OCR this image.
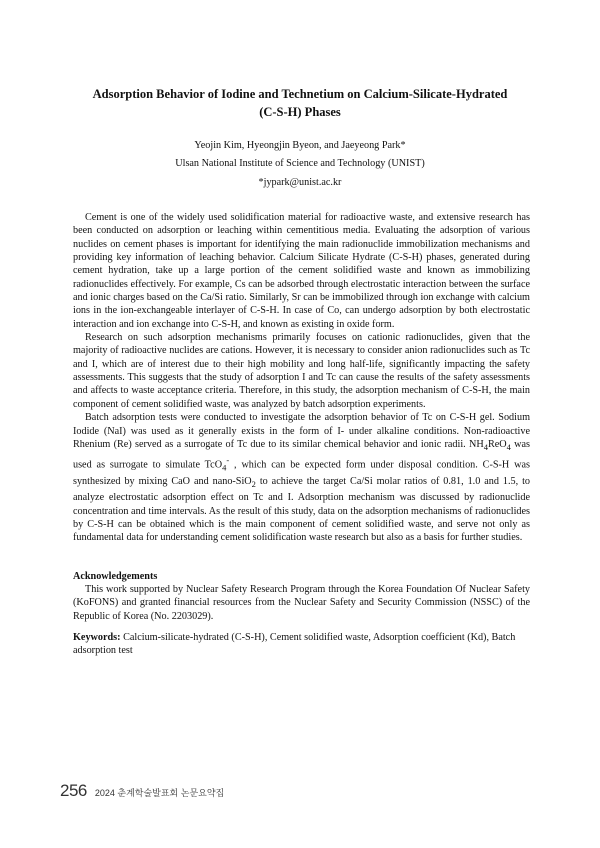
Adsorption Behavior of Iodine and Technetium on Calcium-Silicate-Hydrated
(C-S-H) Phases
Yeojin Kim, Hyeongjin Byeon, and Jaeyeong Park*
Ulsan National Institute of Science and Technology (UNIST)
*jypark@unist.ac.kr

Cement is one of the widely used solidification material for radioactive waste, and extensive research has been conducted on adsorption or leaching within cementitious media. Evaluating the adsorption of various nuclides on cement phases is important for identifying the main radionuclide immobilization mechanisms and providing key information of leaching behavior. Calcium Silicate Hydrate (C-S-H) phases, generated during cement hydration, take up a large portion of the cement solidified waste and known as immobilizing radionuclides effectively. For example, Cs can be adsorbed through electrostatic interaction between the surface and ionic charges based on the Ca/Si ratio. Similarly, Sr can be immobilized through ion exchange with calcium ions in the ion-exchangeable interlayer of C-S-H. In case of Co, can undergo adsorption by both electrostatic interaction and ion exchange into C-S-H, and known as existing in oxide form.

Research on such adsorption mechanisms primarily focuses on cationic radionuclides, given that the majority of radioactive nuclides are cations. However, it is necessary to consider anion radionuclides such as Tc and I, which are of interest due to their high mobility and long half-life, significantly impacting the safety assessments. This suggests that the study of adsorption I and Tc can cause the results of the safety assessments and affects to waste acceptance criteria. Therefore, in this study, the adsorption mechanism of C-S-H, the main component of cement solidified waste, was analyzed by batch adsorption experiments.

Batch adsorption tests were conducted to investigate the adsorption behavior of Tc on C-S-H gel. Sodium Iodide (NaI) was used as it generally exists in the form of I- under alkaline conditions. Non-radioactive Rhenium (Re) served as a surrogate of Tc due to its similar chemical behavior and ionic radii. $NH_4ReO_4$ was used as surrogate to simulate TcO$_4$- , which can be expected form under disposal condition. C-S-H was synthesized by mixing CaO and nano-SiO$_2$ to achieve the target Ca/Si molar ratios of 0.81, 1.0 and 1.5, to analyze electrostatic adsorption effect on Tc and I. Adsorption mechanism was discussed by radionuclide concentration and time intervals. As the result of this study, data on the adsorption mechanisms of radionuclides by C-S-H can be obtained which is the main component of cement solidified waste, and serve not only as fundamental data for understanding cement solidification waste research but also as a basis for further studies.

Acknowledgements

This work supported by Nuclear Safety Research Program through the Korea Foundation Of Nuclear Safety (KoFONS) and granted financial resources from the Nuclear Safety and Security Commission (NSSC) of the Republic of Korea (No. 2203029).

Keywords: Calcium-silicate-hydrated (C-S-H), Cement solidified waste, Adsorption coefficient (Kd), Batch adsorption test

256 2024 춘계학술발표회 논문요약집
